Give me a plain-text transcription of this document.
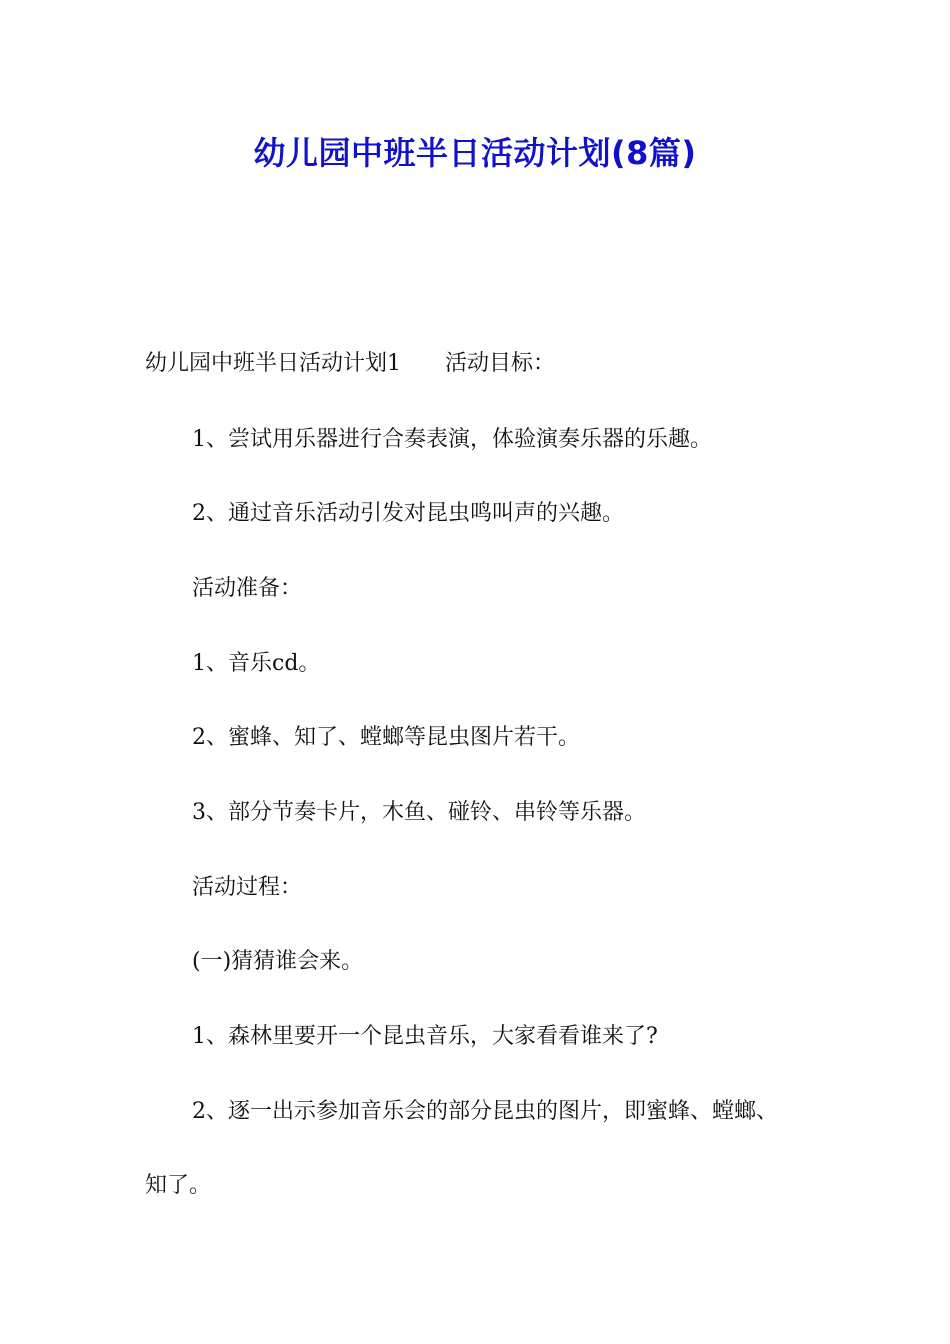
幼儿园中班半日活动计划(8篇)

幼儿园中班半日活动计划1 活动目标：

1、尝试用乐器进行合奏表演，体验演奏乐器的乐趣。

2、通过音乐活动引发对昆虫鸣叫声的兴趣。

活动准备：

1、音乐cd。

2、蜜蜂、知了、螳螂等昆虫图片若干。

3、部分节奏卡片，木鱼、碰铃、串铃等乐器。

活动过程：

(一)猜猜谁会来。

1、森林里要开一个昆虫音乐，大家看看谁来了?

2、逐一出示参加音乐会的部分昆虫的图片，即蜜蜂、螳螂、

知了。
